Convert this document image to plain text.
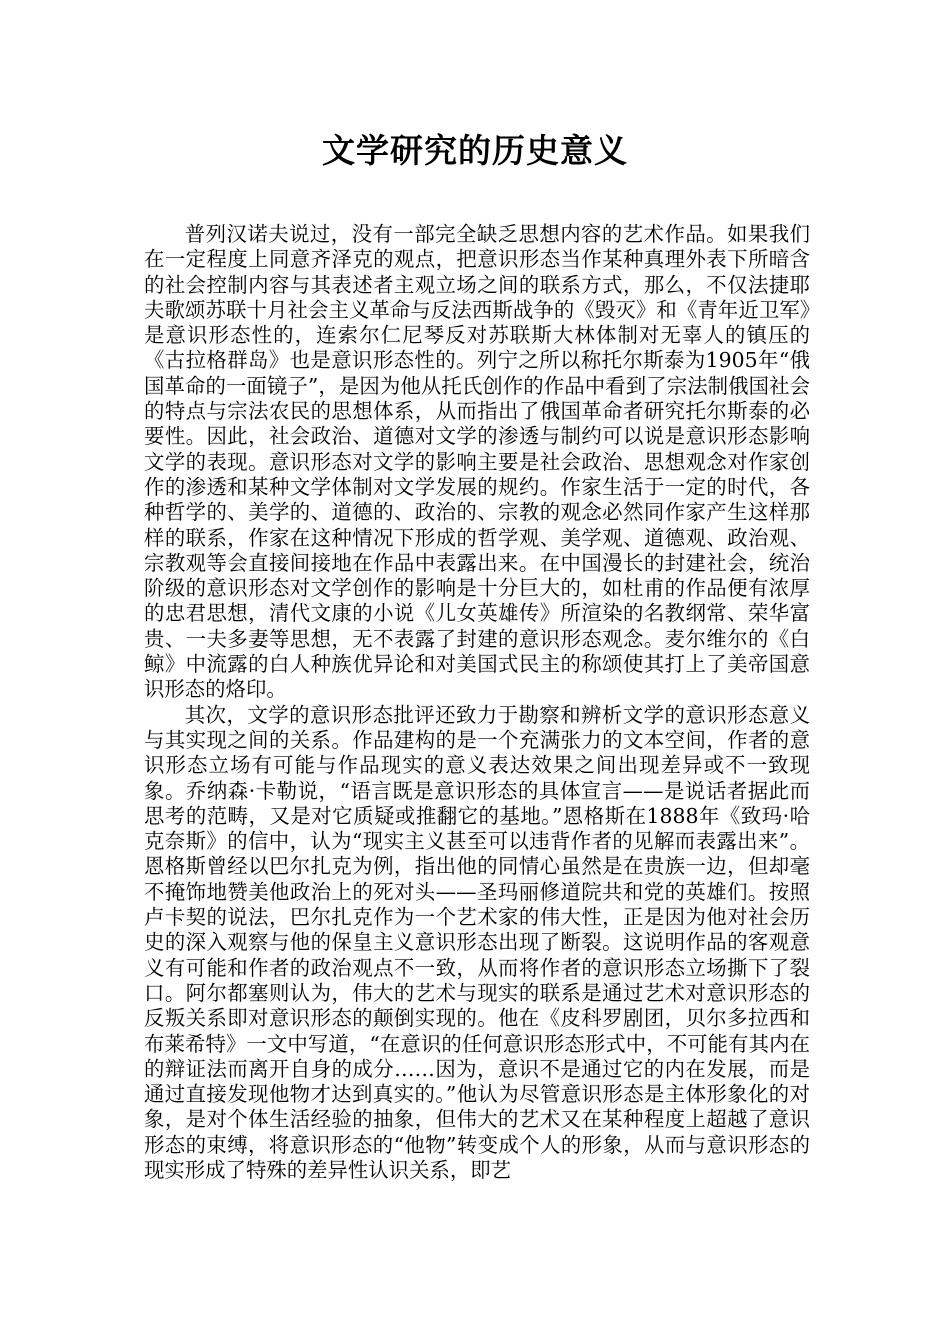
文学研究的历史意义

普列汉诺夫说过，没有一部完全缺乏思想内容的艺术作品。如果我们在一定程度上同意齐泽克的观点，把意识形态当作某种真理外表下所暗含的社会控制内容与其表述者主观立场之间的联系方式，那么，不仅法捷耶夫歌颂苏联十月社会主义革命与反法西斯战争的《毁灭》和《青年近卫军》是意识形态性的，连索尔仁尼琴反对苏联斯大林体制对无辜人的镇压的《古拉格群岛》也是意识形态性的。列宁之所以称托尔斯泰为1905年“俄国革命的一面镜子”，是因为他从托氏创作的作品中看到了宗法制俄国社会的特点与宗法农民的思想体系，从而指出了俄国革命者研究托尔斯泰的必要性。因此，社会政治、道德对文学的渗透与制约可以说是意识形态影响文学的表现。意识形态对文学的影响主要是社会政治、思想观念对作家创作的渗透和某种文学体制对文学发展的规约。作家生活于一定的时代，各种哲学的、美学的、道德的、政治的、宗教的观念必然同作家产生这样那样的联系，作家在这种情况下形成的哲学观、美学观、道德观、政治观、宗教观等会直接间接地在作品中表露出来。在中国漫长的封建社会，统治阶级的意识形态对文学创作的影响是十分巨大的，如杜甫的作品便有浓厚的忠君思想，清代文康的小说《儿女英雄传》所渲染的名教纲常、荣华富贵、一夫多妻等思想，无不表露了封建的意识形态观念。麦尔维尔的《白鲸》中流露的白人种族优异论和对美国式民主的称颂使其打上了美帝国意识形态的烙印。

其次，文学的意识形态批评还致力于勘察和辨析文学的意识形态意义与其实现之间的关系。作品建构的是一个充满张力的文本空间，作者的意识形态立场有可能与作品现实的意义表达效果之间出现差异或不一致现象。乔纳森·卡勒说，“语言既是意识形态的具体宣言——是说话者据此而思考的范畴，又是对它质疑或推翻它的基地。”恩格斯在1888年《致玛·哈克奈斯》的信中，认为“现实主义甚至可以违背作者的见解而表露出来”。恩格斯曾经以巴尔扎克为例，指出他的同情心虽然是在贵族一边，但却毫不掩饰地赞美他政治上的死对头——圣玛丽修道院共和党的英雄们。按照卢卡契的说法，巴尔扎克作为一个艺术家的伟大性，正是因为他对社会历史的深入观察与他的保皇主义意识形态出现了断裂。这说明作品的客观意义有可能和作者的政治观点不一致，从而将作者的意识形态立场撕下了裂口。阿尔都塞则认为，伟大的艺术与现实的联系是通过艺术对意识形态的反叛关系即对意识形态的颠倒实现的。他在《皮科罗剧团，贝尔多拉西和布莱希特》一文中写道，“在意识的任何意识形态形式中，不可能有其内在的辩证法而离开自身的成分……因为，意识不是通过它的内在发展，而是通过直接发现他物才达到真实的。”他认为尽管意识形态是主体形象化的对象，是对个体生活经验的抽象，但伟大的艺术又在某种程度上超越了意识形态的束缚，将意识形态的“他物”转变成个人的形象，从而与意识形态的现实形成了特殊的差异性认识关系，即艺
